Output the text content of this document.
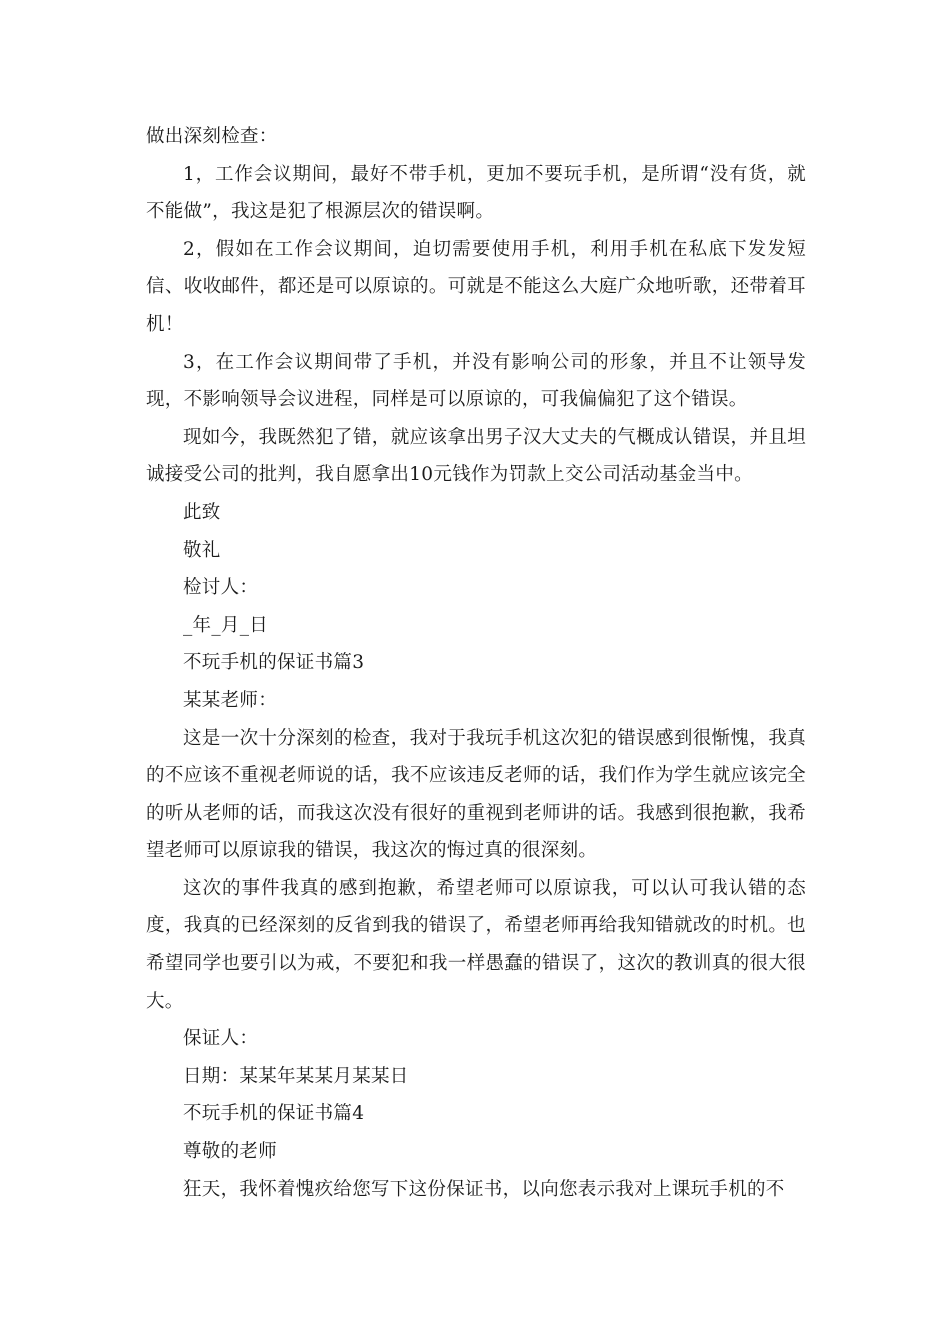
做出深刻检查：

1，工作会议期间，最好不带手机，更加不要玩手机，是所谓“没有货，就不能做”，我这是犯了根源层次的错误啊。

2，假如在工作会议期间，迫切需要使用手机，利用手机在私底下发发短信、收收邮件，都还是可以原谅的。可就是不能这么大庭广众地听歌，还带着耳机！

3，在工作会议期间带了手机，并没有影响公司的形象，并且不让领导发现，不影响领导会议进程，同样是可以原谅的，可我偏偏犯了这个错误。

现如今，我既然犯了错，就应该拿出男子汉大丈夫的气概成认错误，并且坦诚接受公司的批判，我自愿拿出10元钱作为罚款上交公司活动基金当中。

此致

敬礼

检讨人：

_年_月_日

不玩手机的保证书篇3

某某老师：

这是一次十分深刻的检查，我对于我玩手机这次犯的错误感到很惭愧，我真的不应该不重视老师说的话，我不应该违反老师的话，我们作为学生就应该完全的听从老师的话，而我这次没有很好的重视到老师讲的话。我感到很抱歉，我希望老师可以原谅我的错误，我这次的悔过真的很深刻。

这次的事件我真的感到抱歉，希望老师可以原谅我，可以认可我认错的态度，我真的已经深刻的反省到我的错误了，希望老师再给我知错就改的时机。也希望同学也要引以为戒，不要犯和我一样愚蠢的错误了，这次的教训真的很大很大。

保证人：

日期：某某年某某月某某日

不玩手机的保证书篇4

尊敬的老师

狂天，我怀着愧疚给您写下这份保证书，以向您表示我对上课玩手机的不
